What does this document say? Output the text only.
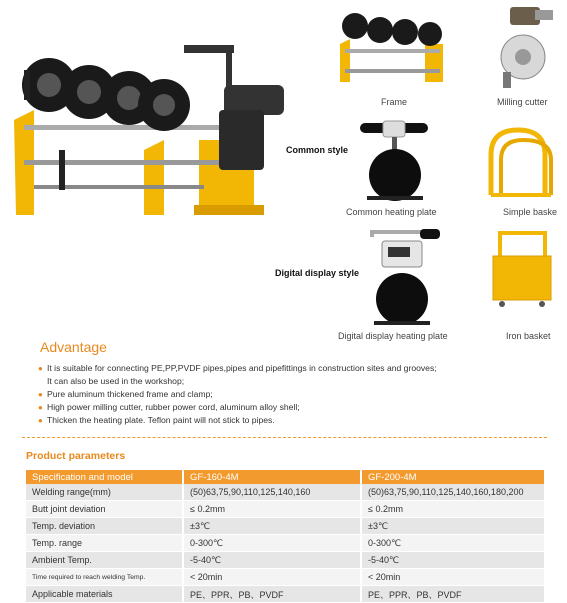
Frame	Milling cutter
Common style
Common heating plate	Simple baske
Digital display style
Digital display heating plate	Iron basket
Advantage
● It is suitable for connecting PE,PP,PVDF pipes,pipes and pipefittings in construction sites and grooves;
It can also be used in the workshop;
● Pure aluminum thickened frame and clamp;
● High power milling cutter, rubber power cord, aluminum alloy shell;
● Thicken the heating plate. Teflon paint will not stick to pipes.
Product parameters
Specification and model	GF-160-4M	GF-200-4M
Welding range(mm)	(50)63,75,90,110,125,140,160	(50)63,75,90,110,125,140,160,180,200
Butt joint deviation	≤ 0.2mm	≤ 0.2mm
Temp. deviation	±3℃	±3℃
Temp. range	0-300℃	0-300℃
Ambient Temp.	-5-40℃	-5-40℃
Time required to reach welding Temp.	< 20min	< 20min
Applicable materials	PE、PPR、PB、PVDF	PE、PPR、PB、PVDF
